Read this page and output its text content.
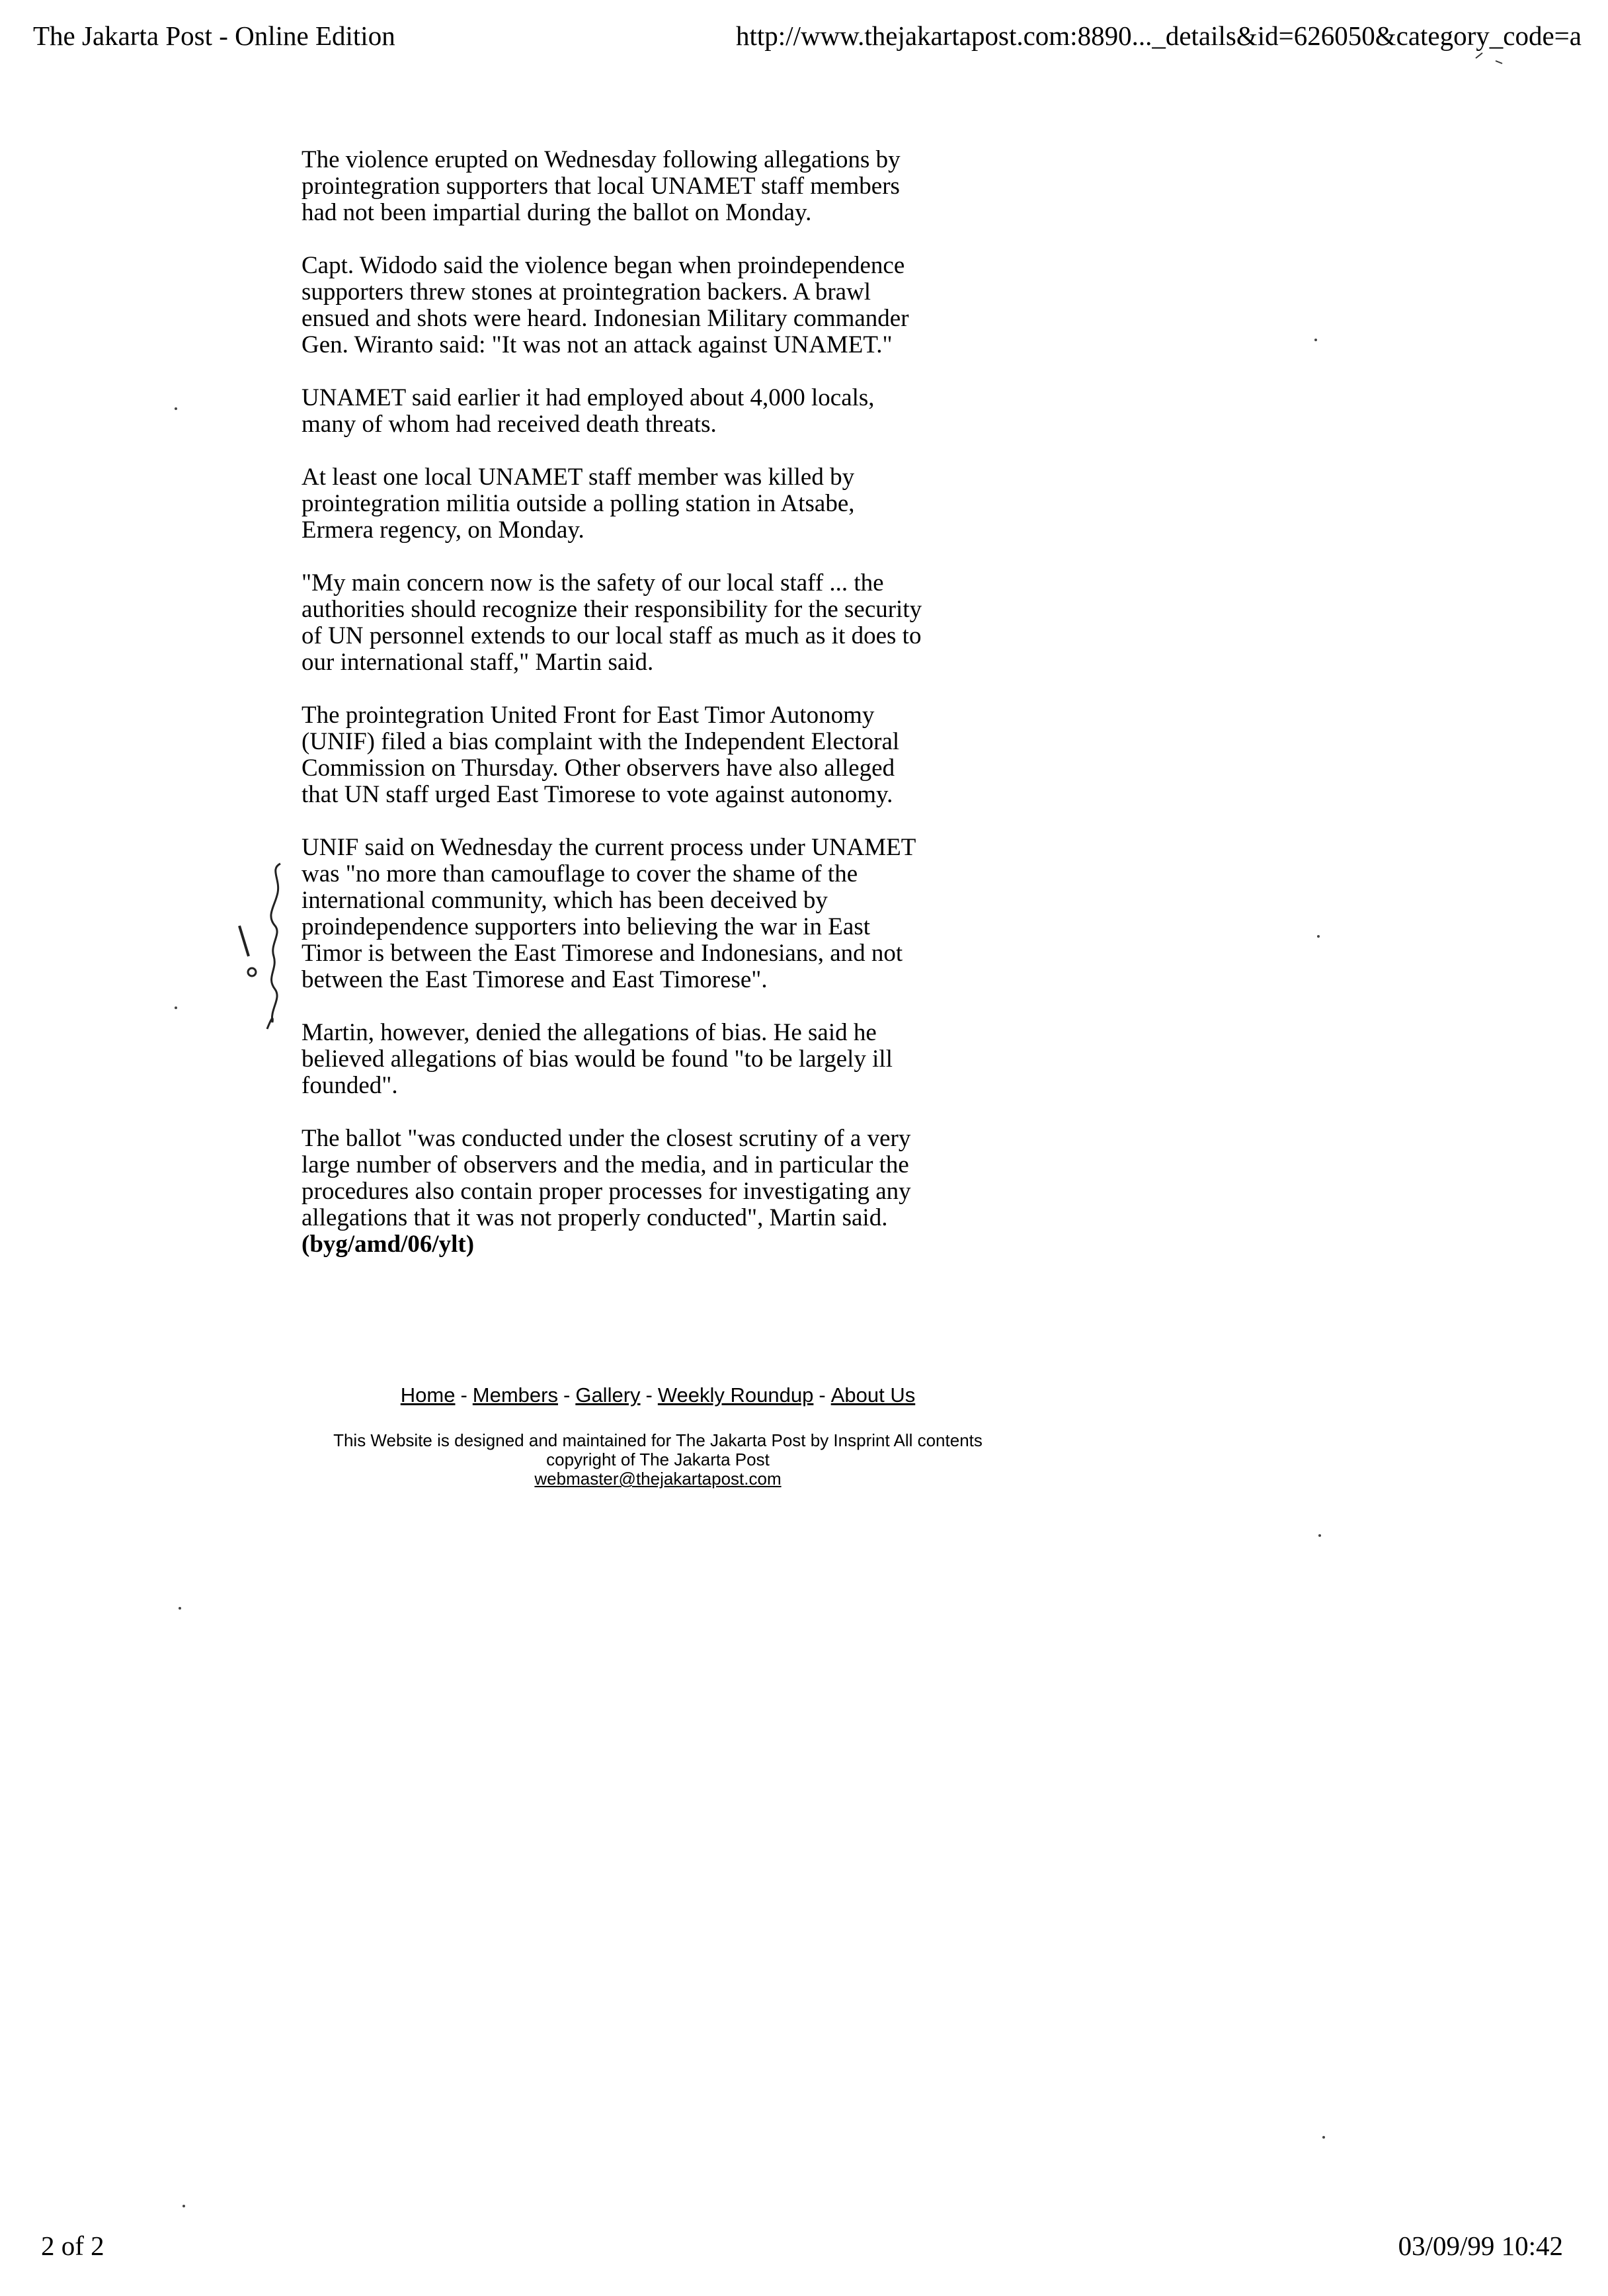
The Jakarta Post - Online Edition	http://www.thejakartapost.com:8890..._details&id=626050&category_code=a

The violence erupted on Wednesday following allegations by
prointegration supporters that local UNAMET staff members
had not been impartial during the ballot on Monday.

Capt. Widodo said the violence began when proindependence
supporters threw stones at prointegration backers. A brawl
ensued and shots were heard. Indonesian Military commander
Gen. Wiranto said: "It was not an attack against UNAMET."

UNAMET said earlier it had employed about 4,000 locals,
many of whom had received death threats.

At least one local UNAMET staff member was killed by
prointegration militia outside a polling station in Atsabe,
Ermera regency, on Monday.

"My main concern now is the safety of our local staff ... the
authorities should recognize their responsibility for the security
of UN personnel extends to our local staff as much as it does to
our international staff," Martin said.

The prointegration United Front for East Timor Autonomy
(UNIF) filed a bias complaint with the Independent Electoral
Commission on Thursday. Other observers have also alleged
that UN staff urged East Timorese to vote against autonomy.

UNIF said on Wednesday the current process under UNAMET
was "no more than camouflage to cover the shame of the
international community, which has been deceived by
proindependence supporters into believing the war in East
Timor is between the East Timorese and Indonesians, and not
between the East Timorese and East Timorese".

Martin, however, denied the allegations of bias. He said he
believed allegations of bias would be found "to be largely ill
founded".

The ballot "was conducted under the closest scrutiny of a very
large number of observers and the media, and in particular the
procedures also contain proper processes for investigating any
allegations that it was not properly conducted", Martin said.
(byg/amd/06/ylt)

Home - Members - Gallery - Weekly Roundup - About Us
This Website is designed and maintained for The Jakarta Post by Insprint All contents
copyright of The Jakarta Post
webmaster@thejakartapost.com
2 of 2	03/09/99 10:42
